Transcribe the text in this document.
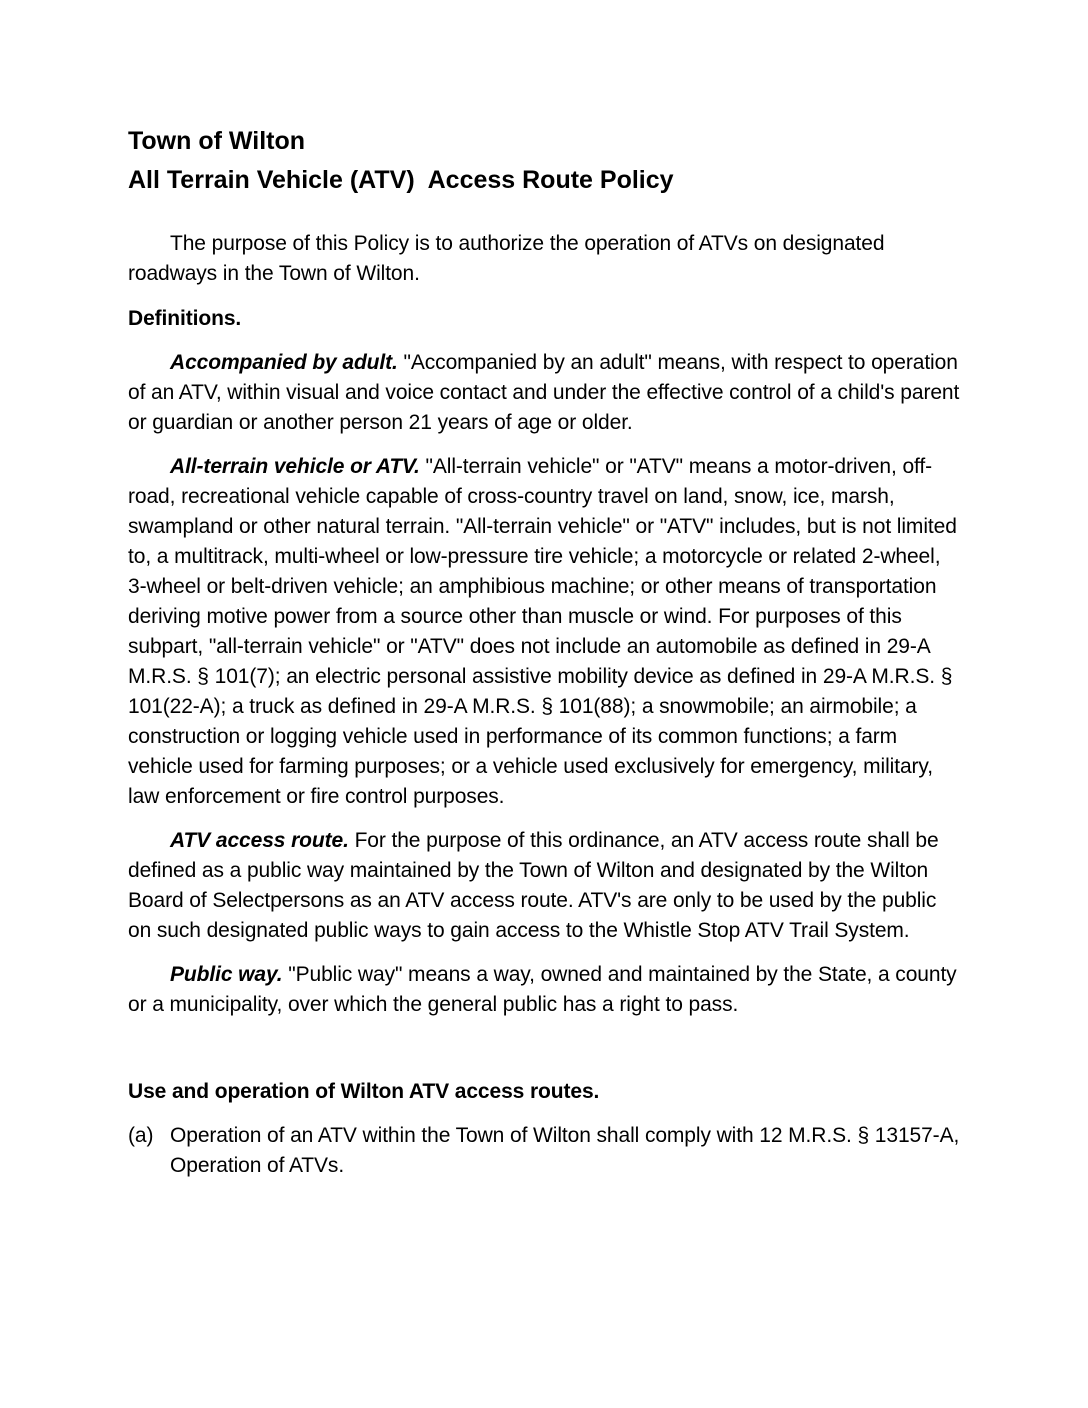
Town of Wilton
All Terrain Vehicle (ATV)  Access Route Policy

The purpose of this Policy is to authorize the operation of ATVs on designated roadways in the Town of Wilton.

Definitions.

Accompanied by adult. "Accompanied by an adult" means, with respect to operation of an ATV, within visual and voice contact and under the effective control of a child's parent or guardian or another person 21 years of age or older.

All-terrain vehicle or ATV. "All-terrain vehicle" or "ATV" means a motor-driven, off-road, recreational vehicle capable of cross-country travel on land, snow, ice, marsh, swampland or other natural terrain. "All-terrain vehicle" or "ATV" includes, but is not limited to, a multitrack, multi-wheel or low-pressure tire vehicle; a motorcycle or related 2-wheel, 3-wheel or belt-driven vehicle; an amphibious machine; or other means of transportation deriving motive power from a source other than muscle or wind. For purposes of this subpart, "all-terrain vehicle" or "ATV" does not include an automobile as defined in 29-A M.R.S. § 101(7); an electric personal assistive mobility device as defined in 29-A M.R.S. § 101(22-A); a truck as defined in 29-A M.R.S. § 101(88); a snowmobile; an airmobile; a construction or logging vehicle used in performance of its common functions; a farm vehicle used for farming purposes; or a vehicle used exclusively for emergency, military, law enforcement or fire control purposes.

ATV access route. For the purpose of this ordinance, an ATV access route shall be defined as a public way maintained by the Town of Wilton and designated by the Wilton Board of Selectpersons as an ATV access route. ATV's are only to be used by the public on such designated public ways to gain access to the Whistle Stop ATV Trail System.

Public way. "Public way" means a way, owned and maintained by the State, a county or a municipality, over which the general public has a right to pass.

Use and operation of Wilton ATV access routes.
(a) Operation of an ATV within the Town of Wilton shall comply with 12 M.R.S. § 13157-A, Operation of ATVs.
